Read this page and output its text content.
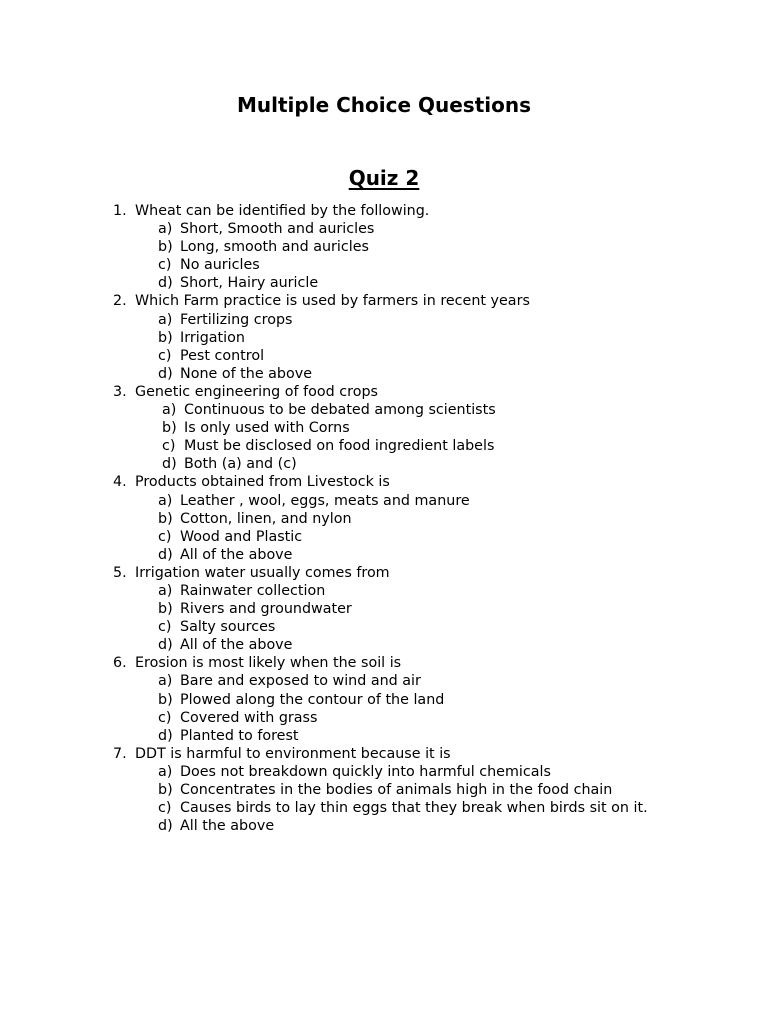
Multiple Choice Questions
Quiz 2
1. Wheat can be identified by the following.
a) Short, Smooth and auricles
b) Long, smooth and auricles
c) No auricles
d) Short, Hairy auricle
2. Which Farm practice is used by farmers in recent years
a) Fertilizing crops
b) Irrigation
c) Pest control
d) None of the above
3. Genetic engineering of food crops
a) Continuous to be debated among scientists
b) Is only used with Corns
c) Must be disclosed on food ingredient labels
d) Both (a) and (c)
4. Products obtained from Livestock is
a) Leather , wool, eggs, meats and manure
b) Cotton, linen, and nylon
c) Wood and Plastic
d) All of the above
5. Irrigation water usually comes from
a) Rainwater collection
b) Rivers and groundwater
c) Salty sources
d) All of the above
6. Erosion is most likely when the soil is
a) Bare and exposed to wind and air
b) Plowed along the contour of the land
c) Covered with grass
d) Planted to forest
7. DDT is harmful to environment because it is
a) Does not breakdown quickly into harmful chemicals
b) Concentrates in the bodies of animals high in the food chain
c) Causes birds to lay thin eggs that they break when birds sit on it.
d) All the above
